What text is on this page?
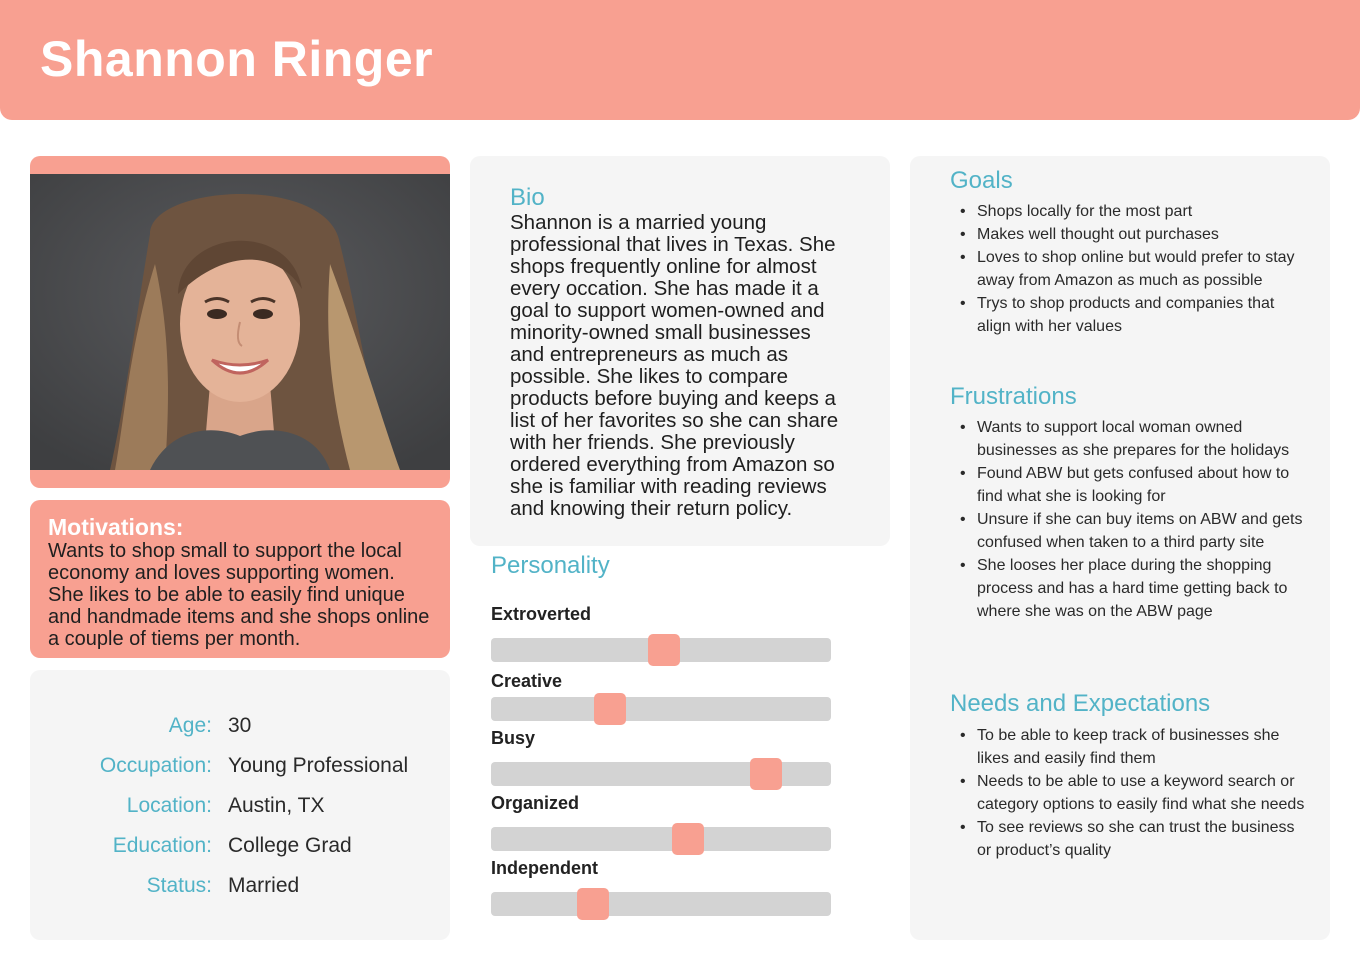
Shannon Ringer
Motivations:

Wants to shop small to support the local economy and loves supporting women. She likes to be able to easily find unique and handmade items and she shops online a couple of tiems per month.

Age: 30
Occupation: Young Professional
Location: Austin, TX
Education: College Grad
Status: Married
Bio

Shannon is a married young professional that lives in Texas. She shops frequently online for almost every occation. She has made it a goal to support women-owned and minority-owned small businesses and entrepreneurs as much as possible. She likes to compare products before buying and keeps a list of her favorites so she can share with her friends. She previously ordered everything from Amazon so she is familiar with reading reviews and knowing their return policy.

Personality
Extroverted
Creative
Busy
Organized
Independent
Goals
• Shops locally for the most part
• Makes well thought out purchases
• Loves to shop online but would prefer to stay away from Amazon as much as possible
• Trys to shop products and companies that align with her values
Frustrations
• Wants to support local woman owned businesses as she prepares for the holidays
• Found ABW but gets confused about how to find what she is looking for
• Unsure if she can buy items on ABW and gets confused when taken to a third party site
• She looses her place during the shopping process and has a hard time getting back to where she was on the ABW page
Needs and Expectations
• To be able to keep track of businesses she likes and easily find them
• Needs to be able to use a keyword search or category options to easily find what she needs
• To see reviews so she can trust the business or product’s quality
